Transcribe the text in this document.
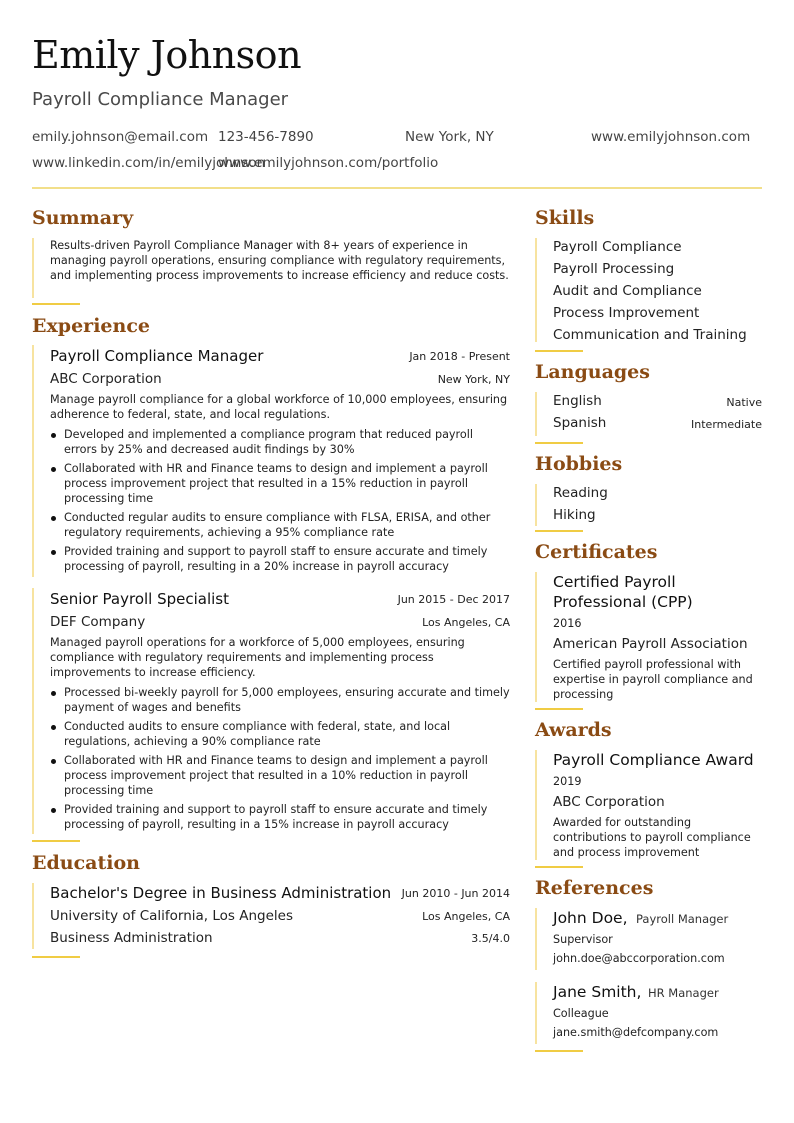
Emily Johnson
Payroll Compliance Manager
emily.johnson@email.com 123-456-7890	New York, NY	www.emilyjohnson.com
www.linkedin.com/in/emilyjohnson
www.emilyjohnson.com/portfolio
Summary
Results-driven Payroll Compliance Manager with 8+ years of experience in managing payroll operations, ensuring compliance with regulatory requirements, and implementing process improvements to increase efficiency and reduce costs.
Experience
Payroll Compliance Manager	Jan 2018 - Present
ABC Corporation	New York, NY
Manage payroll compliance for a global workforce of 10,000 employees, ensuring adherence to federal, state, and local regulations.
Developed and implemented a compliance program that reduced payroll errors by 25% and decreased audit findings by 30%
Collaborated with HR and Finance teams to design and implement a payroll process improvement project that resulted in a 15% reduction in payroll processing time
Conducted regular audits to ensure compliance with FLSA, ERISA, and other regulatory requirements, achieving a 95% compliance rate
Provided training and support to payroll staff to ensure accurate and timely processing of payroll, resulting in a 20% increase in payroll accuracy
Senior Payroll Specialist	Jun 2015 - Dec 2017
DEF Company	Los Angeles, CA
Managed payroll operations for a workforce of 5,000 employees, ensuring compliance with regulatory requirements and implementing process improvements to increase efficiency.
Processed bi-weekly payroll for 5,000 employees, ensuring accurate and timely payment of wages and benefits
Conducted audits to ensure compliance with federal, state, and local regulations, achieving a 90% compliance rate
Collaborated with HR and Finance teams to design and implement a payroll process improvement project that resulted in a 10% reduction in payroll processing time
Provided training and support to payroll staff to ensure accurate and timely processing of payroll, resulting in a 15% increase in payroll accuracy
Education
Bachelor's Degree in Business Administration Jun 2010 - Jun 2014
University of California, Los Angeles	Los Angeles, CA
Business Administration	3.5/4.0
Skills
Payroll Compliance
Payroll Processing
Audit and Compliance
Process Improvement
Communication and Training
Languages
English	Native
Spanish	Intermediate
Hobbies
Reading
Hiking
Certificates
Certified Payroll
Professional (CPP)
2016
American Payroll Association
Certified payroll professional with expertise in payroll compliance and processing
Awards
Payroll Compliance Award
2019
ABC Corporation
Awarded for outstanding contributions to payroll compliance and process improvement
References
John Doe, Payroll Manager
Supervisor
john.doe@abccorporation.com
Jane Smith, HR Manager
Colleague
jane.smith@defcompany.com
